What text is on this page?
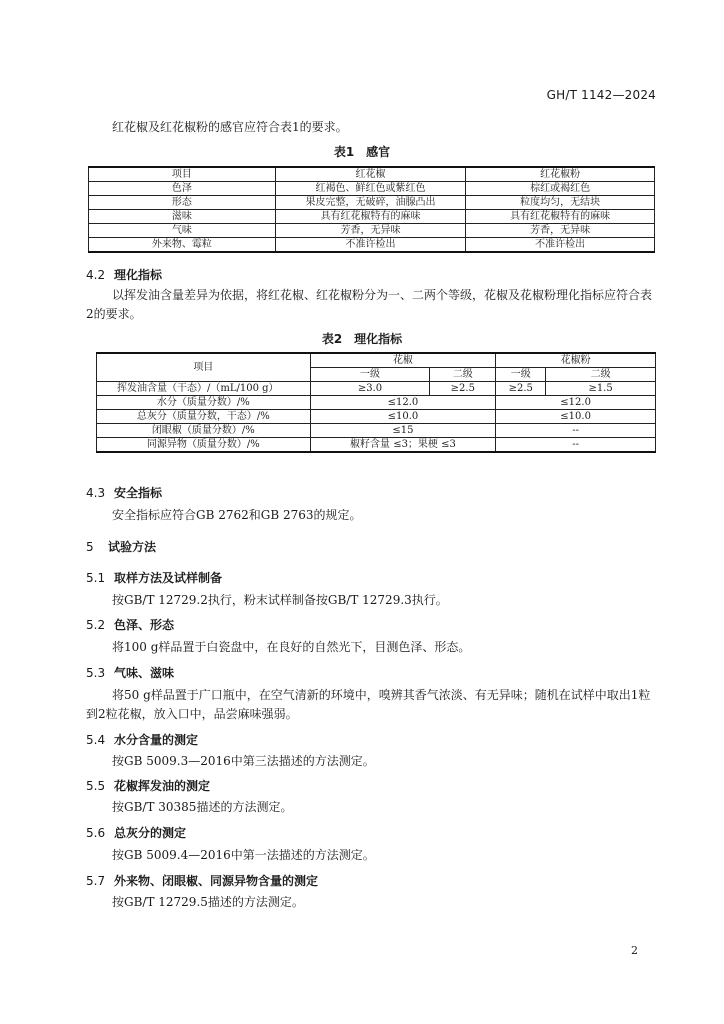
GH/T 1142—2024
红花椒及红花椒粉的感官应符合表1的要求。
表1　感官
项目	红花椒	红花椒粉
色泽	红褐色、鲜红色或紫红色	棕红或褐红色
形态	果皮完整，无破碎，油腺凸出	粒度均匀，无结块
滋味	具有红花椒特有的麻味	具有红花椒特有的麻味
气味	芳香，无异味	芳香，无异味
外来物、霉粒	不准许检出	不准许检出
4.2 理化指标
以挥发油含量差异为依据，将红花椒、红花椒粉分为一、二两个等级，花椒及花椒粉理化指标应符合表2的要求。
表2　理化指标
项目	花椒		花椒粉	
	一级	二级	一级	二级
挥发油含量（干态）/（mL/100 g）	≥3.0	≥2.5	≥2.5	≥1.5
水分（质量分数）/%	≤12.0		≤12.0	
总灰分（质量分数，干态）/%	≤10.0		≤10.0	
闭眼椒（质量分数）/%	≤15		--	
同源异物（质量分数）/%	椒籽含量 ≤3；果梗 ≤3		--	
4.3 安全指标
安全指标应符合GB 2762和GB 2763的规定。
5 试验方法
5.1 取样方法及试样制备
按GB/T 12729.2执行，粉末试样制备按GB/T 12729.3执行。
5.2 色泽、形态
将100 g样品置于白瓷盘中，在良好的自然光下，目测色泽、形态。
5.3 气味、滋味
将50 g样品置于广口瓶中，在空气清新的环境中，嗅辨其香气浓淡、有无异味；随机在试样中取出1粒到2粒花椒，放入口中，品尝麻味强弱。
5.4 水分含量的测定
按GB 5009.3—2016中第三法描述的方法测定。
5.5 花椒挥发油的测定
按GB/T 30385描述的方法测定。
5.6 总灰分的测定
按GB 5009.4—2016中第一法描述的方法测定。
5.7 外来物、闭眼椒、同源异物含量的测定
按GB/T 12729.5描述的方法测定。
2
